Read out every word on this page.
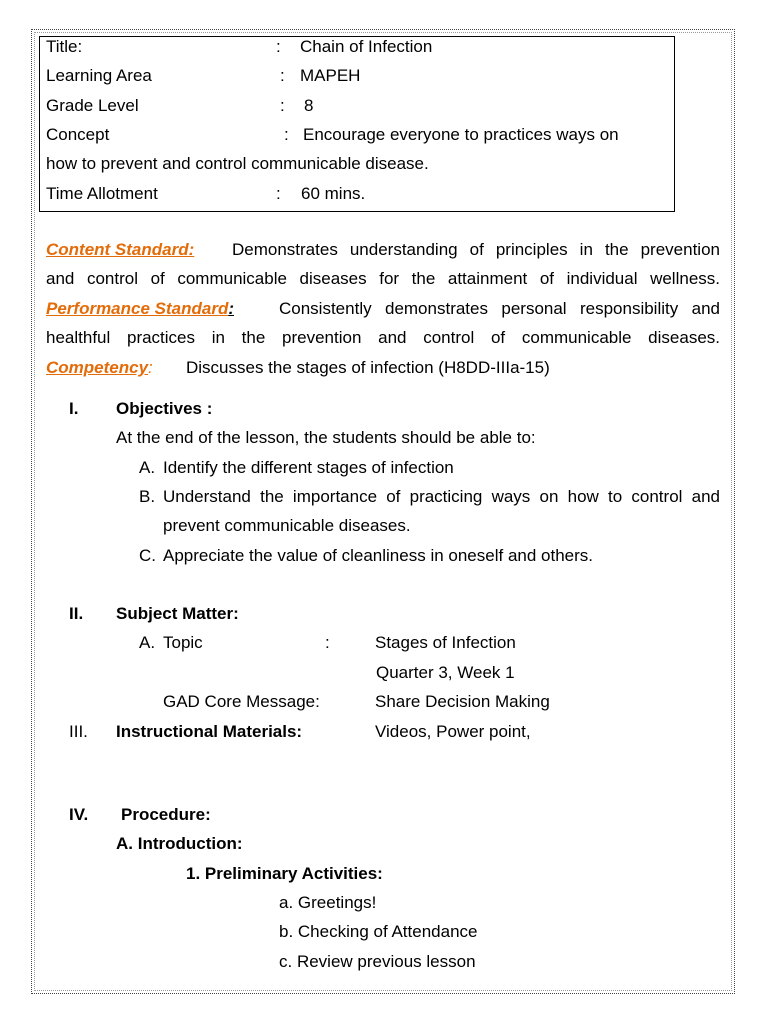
Title:	: Chain of Infection
Learning Area	: MAPEH
Grade Level	: 8
Concept	: Encourage everyone to practices ways on
how to prevent and control communicable disease.
Time Allotment	: 60 mins.
Content Standard: Demonstrates understanding of principles in the prevention
and control of communicable diseases for the attainment of individual wellness.
Performance Standard:	Consistently demonstrates personal responsibility and
healthful practices in the prevention and control of communicable diseases.
Competency: Discusses the stages of infection (H8DD-IIIa-15)
I. Objectives :
At the end of the lesson, the students should be able to:
A. Identify the different stages of infection
B. Understand the importance of practicing ways on how to control and
prevent communicable diseases.
C. Appreciate the value of cleanliness in oneself and others.
II. Subject Matter:
A. Topic	:	Stages of Infection
Quarter 3, Week 1
GAD Core Message:	Share Decision Making
III. Instructional Materials:	Videos, Power point,
IV. Procedure:
A. Introduction:
1. Preliminary Activities:
a. Greetings!
b. Checking of Attendance
c. Review previous lesson
